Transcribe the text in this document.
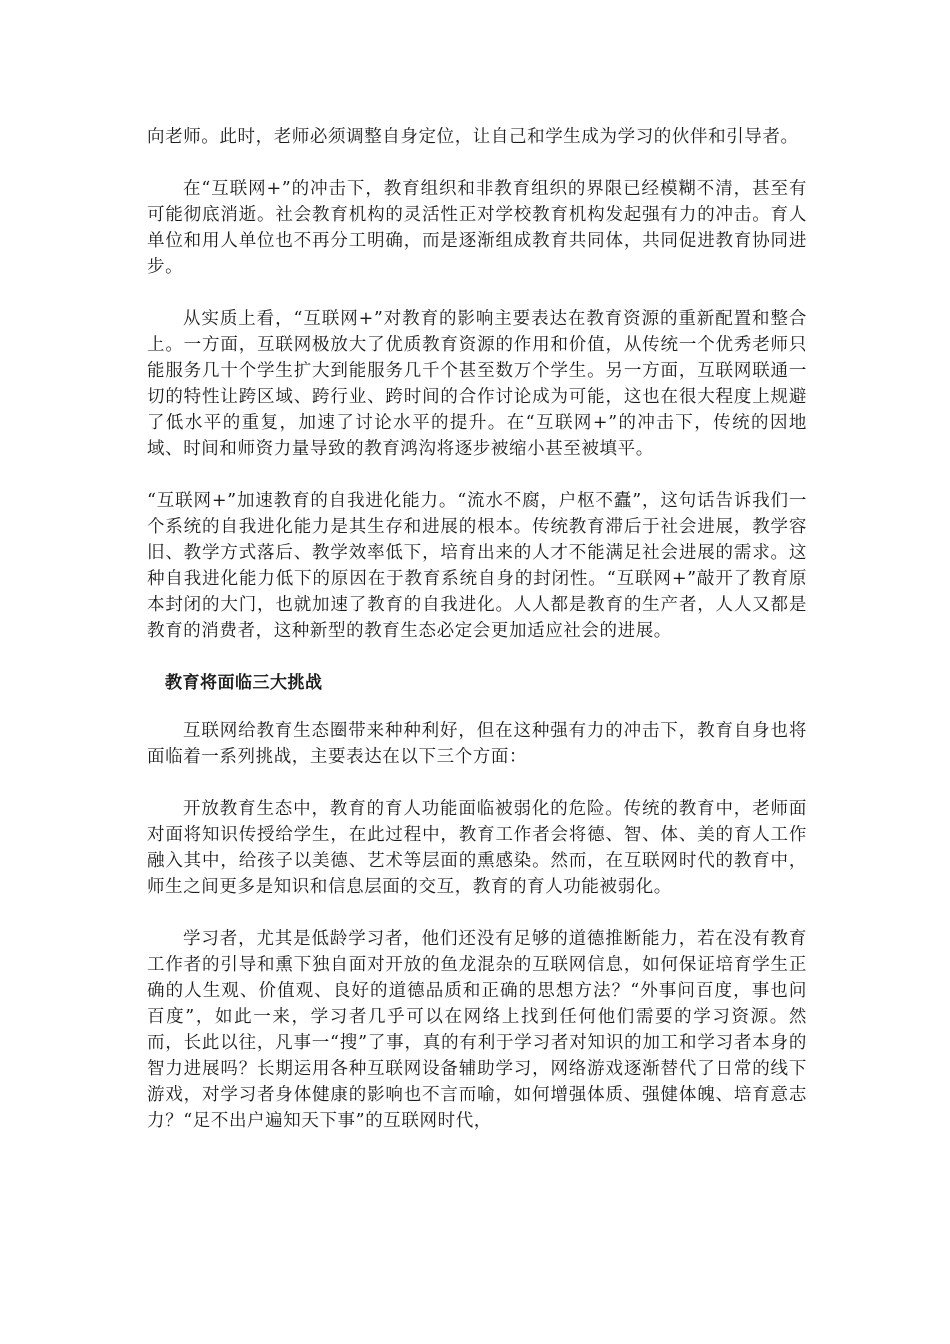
向老师。此时，老师必须调整自身定位，让自己和学生成为学习的伙伴和引导者。

在“互联网+”的冲击下，教育组织和非教育组织的界限已经模糊不清，甚至有可能彻底消逝。社会教育机构的灵活性正对学校教育机构发起强有力的冲击。育人单位和用人单位也不再分工明确，而是逐渐组成教育共同体，共同促进教育协同进步。

从实质上看，“互联网+”对教育的影响主要表达在教育资源的重新配置和整合上。一方面，互联网极放大了优质教育资源的作用和价值，从传统一个优秀老师只能服务几十个学生扩大到能服务几千个甚至数万个学生。另一方面，互联网联通一切的特性让跨区域、跨行业、跨时间的合作讨论成为可能，这也在很大程度上规避了低水平的重复，加速了讨论水平的提升。在“互联网+”的冲击下，传统的因地域、时间和师资力量导致的教育鸿沟将逐步被缩小甚至被填平。

“互联网+”加速教育的自我进化能力。“流水不腐，户枢不蠹”，这句话告诉我们一个系统的自我进化能力是其生存和进展的根本。传统教育滞后于社会进展，教学容旧、教学方式落后、教学效率低下，培育出来的人才不能满足社会进展的需求。这种自我进化能力低下的原因在于教育系统自身的封闭性。“互联网+”敲开了教育原本封闭的大门，也就加速了教育的自我进化。人人都是教育的生产者，人人又都是教育的消费者，这种新型的教育生态必定会更加适应社会的进展。

教育将面临三大挑战

互联网给教育生态圈带来种种利好，但在这种强有力的冲击下，教育自身也将面临着一系列挑战，主要表达在以下三个方面：

开放教育生态中，教育的育人功能面临被弱化的危险。传统的教育中，老师面对面将知识传授给学生，在此过程中，教育工作者会将德、智、体、美的育人工作融入其中，给孩子以美德、艺术等层面的熏感染。然而，在互联网时代的教育中，师生之间更多是知识和信息层面的交互，教育的育人功能被弱化。

学习者，尤其是低龄学习者，他们还没有足够的道德推断能力，若在没有教育工作者的引导和熏下独自面对开放的鱼龙混杂的互联网信息，如何保证培育学生正确的人生观、价值观、良好的道德品质和正确的思想方法？“外事问百度，事也问百度”，如此一来，学习者几乎可以在网络上找到任何他们需要的学习资源。然而，长此以往，凡事一“搜”了事，真的有利于学习者对知识的加工和学习者本身的智力进展吗？长期运用各种互联网设备辅助学习，网络游戏逐渐替代了日常的线下游戏，对学习者身体健康的影响也不言而喻，如何增强体质、强健体魄、培育意志力？“足不出户遍知天下事”的互联网时代，
